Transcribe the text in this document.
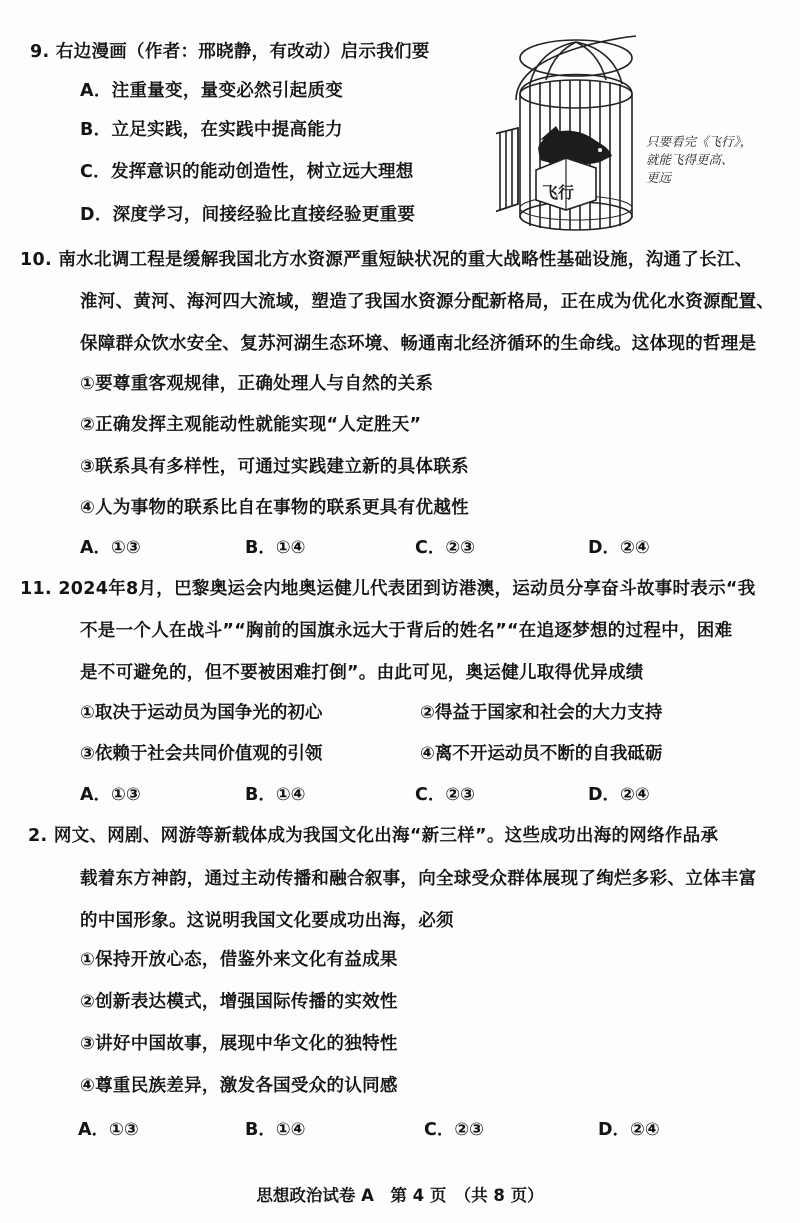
9. 右边漫画（作者：邢晓静，有改动）启示我们要
A．注重量变，量变必然引起质变
B．立足实践，在实践中提高能力
C．发挥意识的能动创造性，树立远大理想
D．深度学习，间接经验比直接经验更重要
飞行
只要看完《飞行》，
就能飞得更高、
更远
10. 南水北调工程是缓解我国北方水资源严重短缺状况的重大战略性基础设施，沟通了长江、
淮河、黄河、海河四大流域，塑造了我国水资源分配新格局，正在成为优化水资源配置、
保障群众饮水安全、复苏河湖生态环境、畅通南北经济循环的生命线。这体现的哲理是
①要尊重客观规律，正确处理人与自然的关系
②正确发挥主观能动性就能实现“人定胜天”
③联系具有多样性，可通过实践建立新的具体联系
④人为事物的联系比自在事物的联系更具有优越性
A．①③	B．①④	C．②③	D．②④
11. 2024年8月，巴黎奥运会内地奥运健儿代表团到访港澳，运动员分享奋斗故事时表示“我
不是一个人在战斗”“胸前的国旗永远大于背后的姓名”“在追逐梦想的过程中，困难
是不可避免的，但不要被困难打倒”。由此可见，奥运健儿取得优异成绩
①取决于运动员为国争光的初心	②得益于国家和社会的大力支持
③依赖于社会共同价值观的引领	④离不开运动员不断的自我砥砺
A．①③	B．①④	C．②③	D．②④
2. 网文、网剧、网游等新载体成为我国文化出海“新三样”。这些成功出海的网络作品承
载着东方神韵，通过主动传播和融合叙事，向全球受众群体展现了绚烂多彩、立体丰富
的中国形象。这说明我国文化要成功出海，必须
①保持开放心态，借鉴外来文化有益成果
②创新表达模式，增强国际传播的实效性
③讲好中国故事，展现中华文化的独特性
④尊重民族差异，激发各国受众的认同感
A．①③	B．①④	C．②③	D．②④
思想政治试卷 A　第 4 页　（共 8 页）
